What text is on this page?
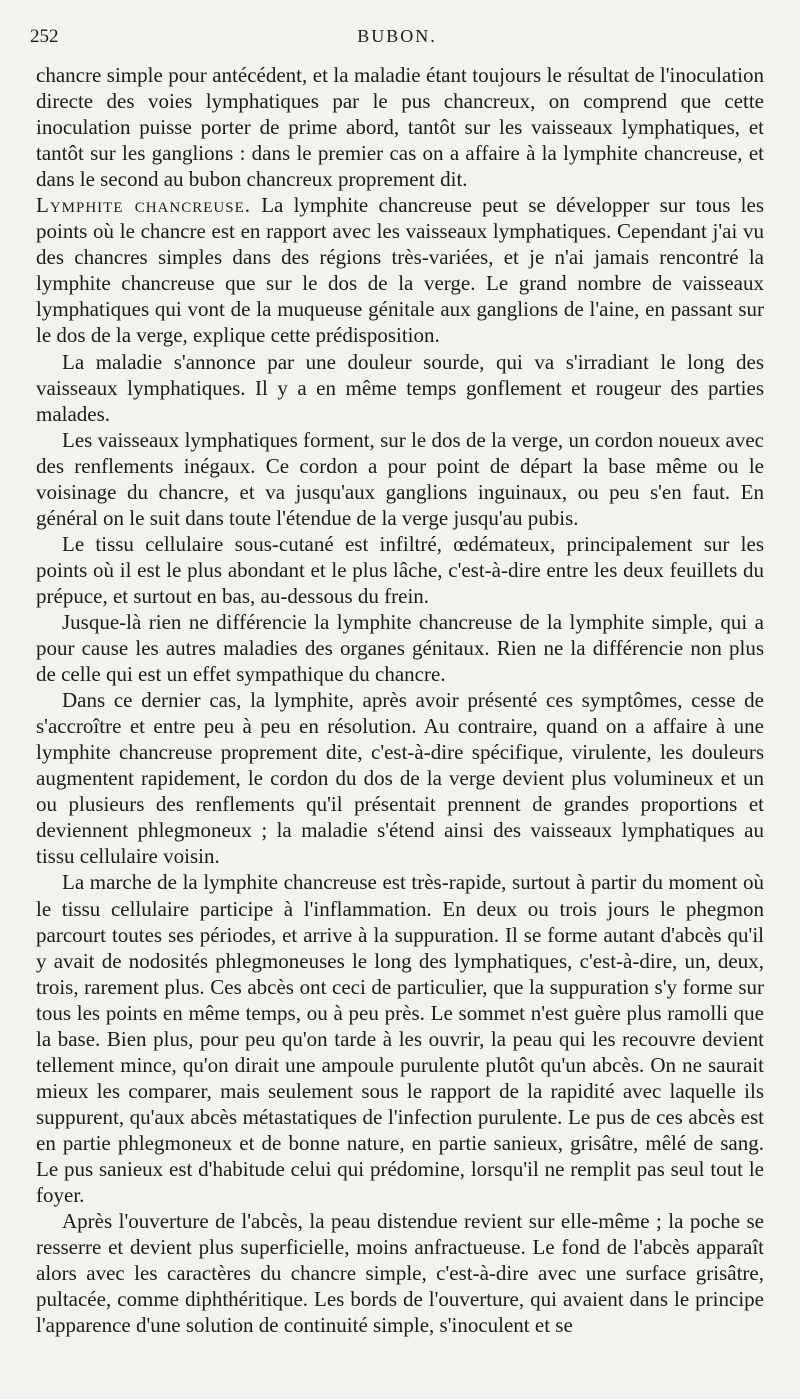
252	BUBON.

chancre simple pour antécédent, et la maladie étant toujours le résultat de l'inoculation directe des voies lymphatiques par le pus chancreux, on comprend que cette inoculation puisse porter de prime abord, tantôt sur les vaisseaux lymphatiques, et tantôt sur les ganglions : dans le premier cas on a affaire à la lymphite chancreuse, et dans le second au bubon chancreux proprement dit.

Lymphite chancreuse. La lymphite chancreuse peut se développer sur tous les points où le chancre est en rapport avec les vaisseaux lymphatiques. Cependant j'ai vu des chancres simples dans des régions très-variées, et je n'ai jamais rencontré la lymphite chancreuse que sur le dos de la verge. Le grand nombre de vaisseaux lymphatiques qui vont de la muqueuse génitale aux ganglions de l'aine, en passant sur le dos de la verge, explique cette prédisposition.

La maladie s'annonce par une douleur sourde, qui va s'irradiant le long des vaisseaux lymphatiques. Il y a en même temps gonflement et rougeur des parties malades.

Les vaisseaux lymphatiques forment, sur le dos de la verge, un cordon noueux avec des renflements inégaux. Ce cordon a pour point de départ la base même ou le voisinage du chancre, et va jusqu'aux ganglions inguinaux, ou peu s'en faut. En général on le suit dans toute l'étendue de la verge jusqu'au pubis.

Le tissu cellulaire sous-cutané est infiltré, œdémateux, principalement sur les points où il est le plus abondant et le plus lâche, c'est-à-dire entre les deux feuillets du prépuce, et surtout en bas, au-dessous du frein.

Jusque-là rien ne différencie la lymphite chancreuse de la lymphite simple, qui a pour cause les autres maladies des organes génitaux. Rien ne la différencie non plus de celle qui est un effet sympathique du chancre.

Dans ce dernier cas, la lymphite, après avoir présenté ces symptômes, cesse de s'accroître et entre peu à peu en résolution. Au contraire, quand on a affaire à une lymphite chancreuse proprement dite, c'est-à-dire spécifique, virulente, les douleurs augmentent rapidement, le cordon du dos de la verge devient plus volumineux et un ou plusieurs des renflements qu'il présentait prennent de grandes proportions et deviennent phlegmoneux ; la maladie s'étend ainsi des vaisseaux lymphatiques au tissu cellulaire voisin.

La marche de la lymphite chancreuse est très-rapide, surtout à partir du moment où le tissu cellulaire participe à l'inflammation. En deux ou trois jours le phegmon parcourt toutes ses périodes, et arrive à la suppuration. Il se forme autant d'abcès qu'il y avait de nodosités phlegmoneuses le long des lymphatiques, c'est-à-dire, un, deux, trois, rarement plus. Ces abcès ont ceci de particulier, que la suppuration s'y forme sur tous les points en même temps, ou à peu près. Le sommet n'est guère plus ramolli que la base. Bien plus, pour peu qu'on tarde à les ouvrir, la peau qui les recouvre devient tellement mince, qu'on dirait une ampoule purulente plutôt qu'un abcès. On ne saurait mieux les comparer, mais seulement sous le rapport de la rapidité avec laquelle ils suppurent, qu'aux abcès métastatiques de l'infection purulente. Le pus de ces abcès est en partie phlegmoneux et de bonne nature, en partie sanieux, grisâtre, mêlé de sang. Le pus sanieux est d'habitude celui qui prédomine, lorsqu'il ne remplit pas seul tout le foyer.

Après l'ouverture de l'abcès, la peau distendue revient sur elle-même ; la poche se resserre et devient plus superficielle, moins anfractueuse. Le fond de l'abcès apparaît alors avec les caractères du chancre simple, c'est-à-dire avec une surface grisâtre, pultacée, comme diphthéritique. Les bords de l'ouverture, qui avaient dans le principe l'apparence d'une solution de continuité simple, s'inoculent et se
